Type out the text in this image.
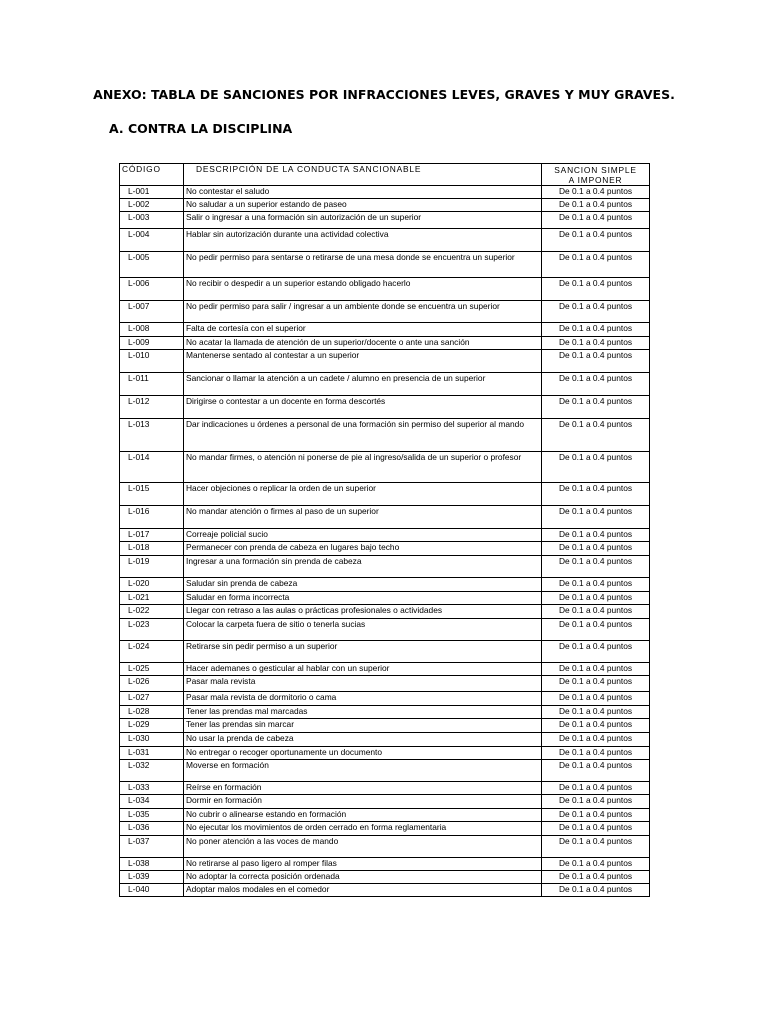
ANEXO: TABLA DE SANCIONES POR INFRACCIONES LEVES, GRAVES Y MUY GRAVES.
A. CONTRA LA DISCIPLINA
CÓDIGO	DESCRIPCIÓN DE LA CONDUCTA SANCIONABLE	SANCION SIMPLE
A IMPONER
L-001	No contestar el saludo	De 0.1 a 0.4 puntos
L-002	No saludar a un superior estando de paseo	De 0.1 a 0.4 puntos
L-003	Salir o ingresar a una formación sin autorización de un superior	De 0.1 a 0.4 puntos
L-004	Hablar sin autorización durante una actividad colectiva	De 0.1 a 0.4 puntos
L-005	No pedir permiso para sentarse o retirarse de una mesa donde se encuentra un superior	De 0.1 a 0.4 puntos
L-006	No recibir o despedir a un superior estando obligado hacerlo	De 0.1 a 0.4 puntos
L-007	No pedir permiso para salir / ingresar a un ambiente donde se encuentra un superior	De 0.1 a 0.4 puntos
L-008	Falta de cortesía con el superior	De 0.1 a 0.4 puntos
L-009	No acatar la llamada de atención de un superior/docente o ante una sanción	De 0.1 a 0.4 puntos
L-010	Mantenerse sentado al contestar a un superior	De 0.1 a 0.4 puntos
L-011	Sancionar o llamar la atención a un cadete / alumno en presencia de un superior	De 0.1 a 0.4 puntos
L-012	Dirigirse o contestar a un docente en forma descortés	De 0.1 a 0.4 puntos
L-013	Dar indicaciones u órdenes a personal de una formación sin permiso del superior al mando	De 0.1 a 0.4 puntos
L-014	No mandar firmes, o atención ni ponerse de pie al ingreso/salida de un superior o profesor	De 0.1 a 0.4 puntos
L-015	Hacer objeciones o replicar la orden de un superior	De 0.1 a 0.4 puntos
L-016	No mandar atención o firmes al paso de un superior	De 0.1 a 0.4 puntos
L-017	Correaje policial sucio	De 0.1 a 0.4 puntos
L-018	Permanecer con prenda de cabeza en lugares bajo techo	De 0.1 a 0.4 puntos
L-019	Ingresar a una formación sin prenda de cabeza	De 0.1 a 0.4 puntos
L-020	Saludar sin prenda de cabeza	De 0.1 a 0.4 puntos
L-021	Saludar en forma incorrecta	De 0.1 a 0.4 puntos
L-022	Llegar con retraso a las aulas o prácticas profesionales o actividades	De 0.1 a 0.4 puntos
L-023	Colocar la carpeta fuera de sitio o tenerla sucias	De 0.1 a 0.4 puntos
L-024	Retirarse sin pedir permiso a un superior	De 0.1 a 0.4 puntos
L-025	Hacer ademanes o gesticular al hablar con un superior	De 0.1 a 0.4 puntos
L-026	Pasar mala revista	De 0.1 a 0.4 puntos
L-027	Pasar mala revista de dormitorio o cama	De 0.1 a 0.4 puntos
L-028	Tener las prendas mal marcadas	De 0.1 a 0.4 puntos
L-029	Tener las prendas sin marcar	De 0.1 a 0.4 puntos
L-030	No usar la prenda de cabeza	De 0.1 a 0.4 puntos
L-031	No entregar o recoger oportunamente un documento	De 0.1 a 0.4 puntos
L-032	Moverse en formación	De 0.1 a 0.4 puntos
L-033	Reírse en formación	De 0.1 a 0.4 puntos
L-034	Dormir en formación	De 0.1 a 0.4 puntos
L-035	No cubrir o alinearse estando en formación	De 0.1 a 0.4 puntos
L-036	No ejecutar los movimientos de orden cerrado en forma reglamentaria	De 0.1 a 0.4 puntos
L-037	No poner atención a las voces de mando	De 0.1 a 0.4 puntos
L-038	No retirarse al paso ligero al romper filas	De 0.1 a 0.4 puntos
L-039	No adoptar la correcta posición ordenada	De 0.1 a 0.4 puntos
L-040	Adoptar malos modales en el comedor	De 0.1 a 0.4 puntos
